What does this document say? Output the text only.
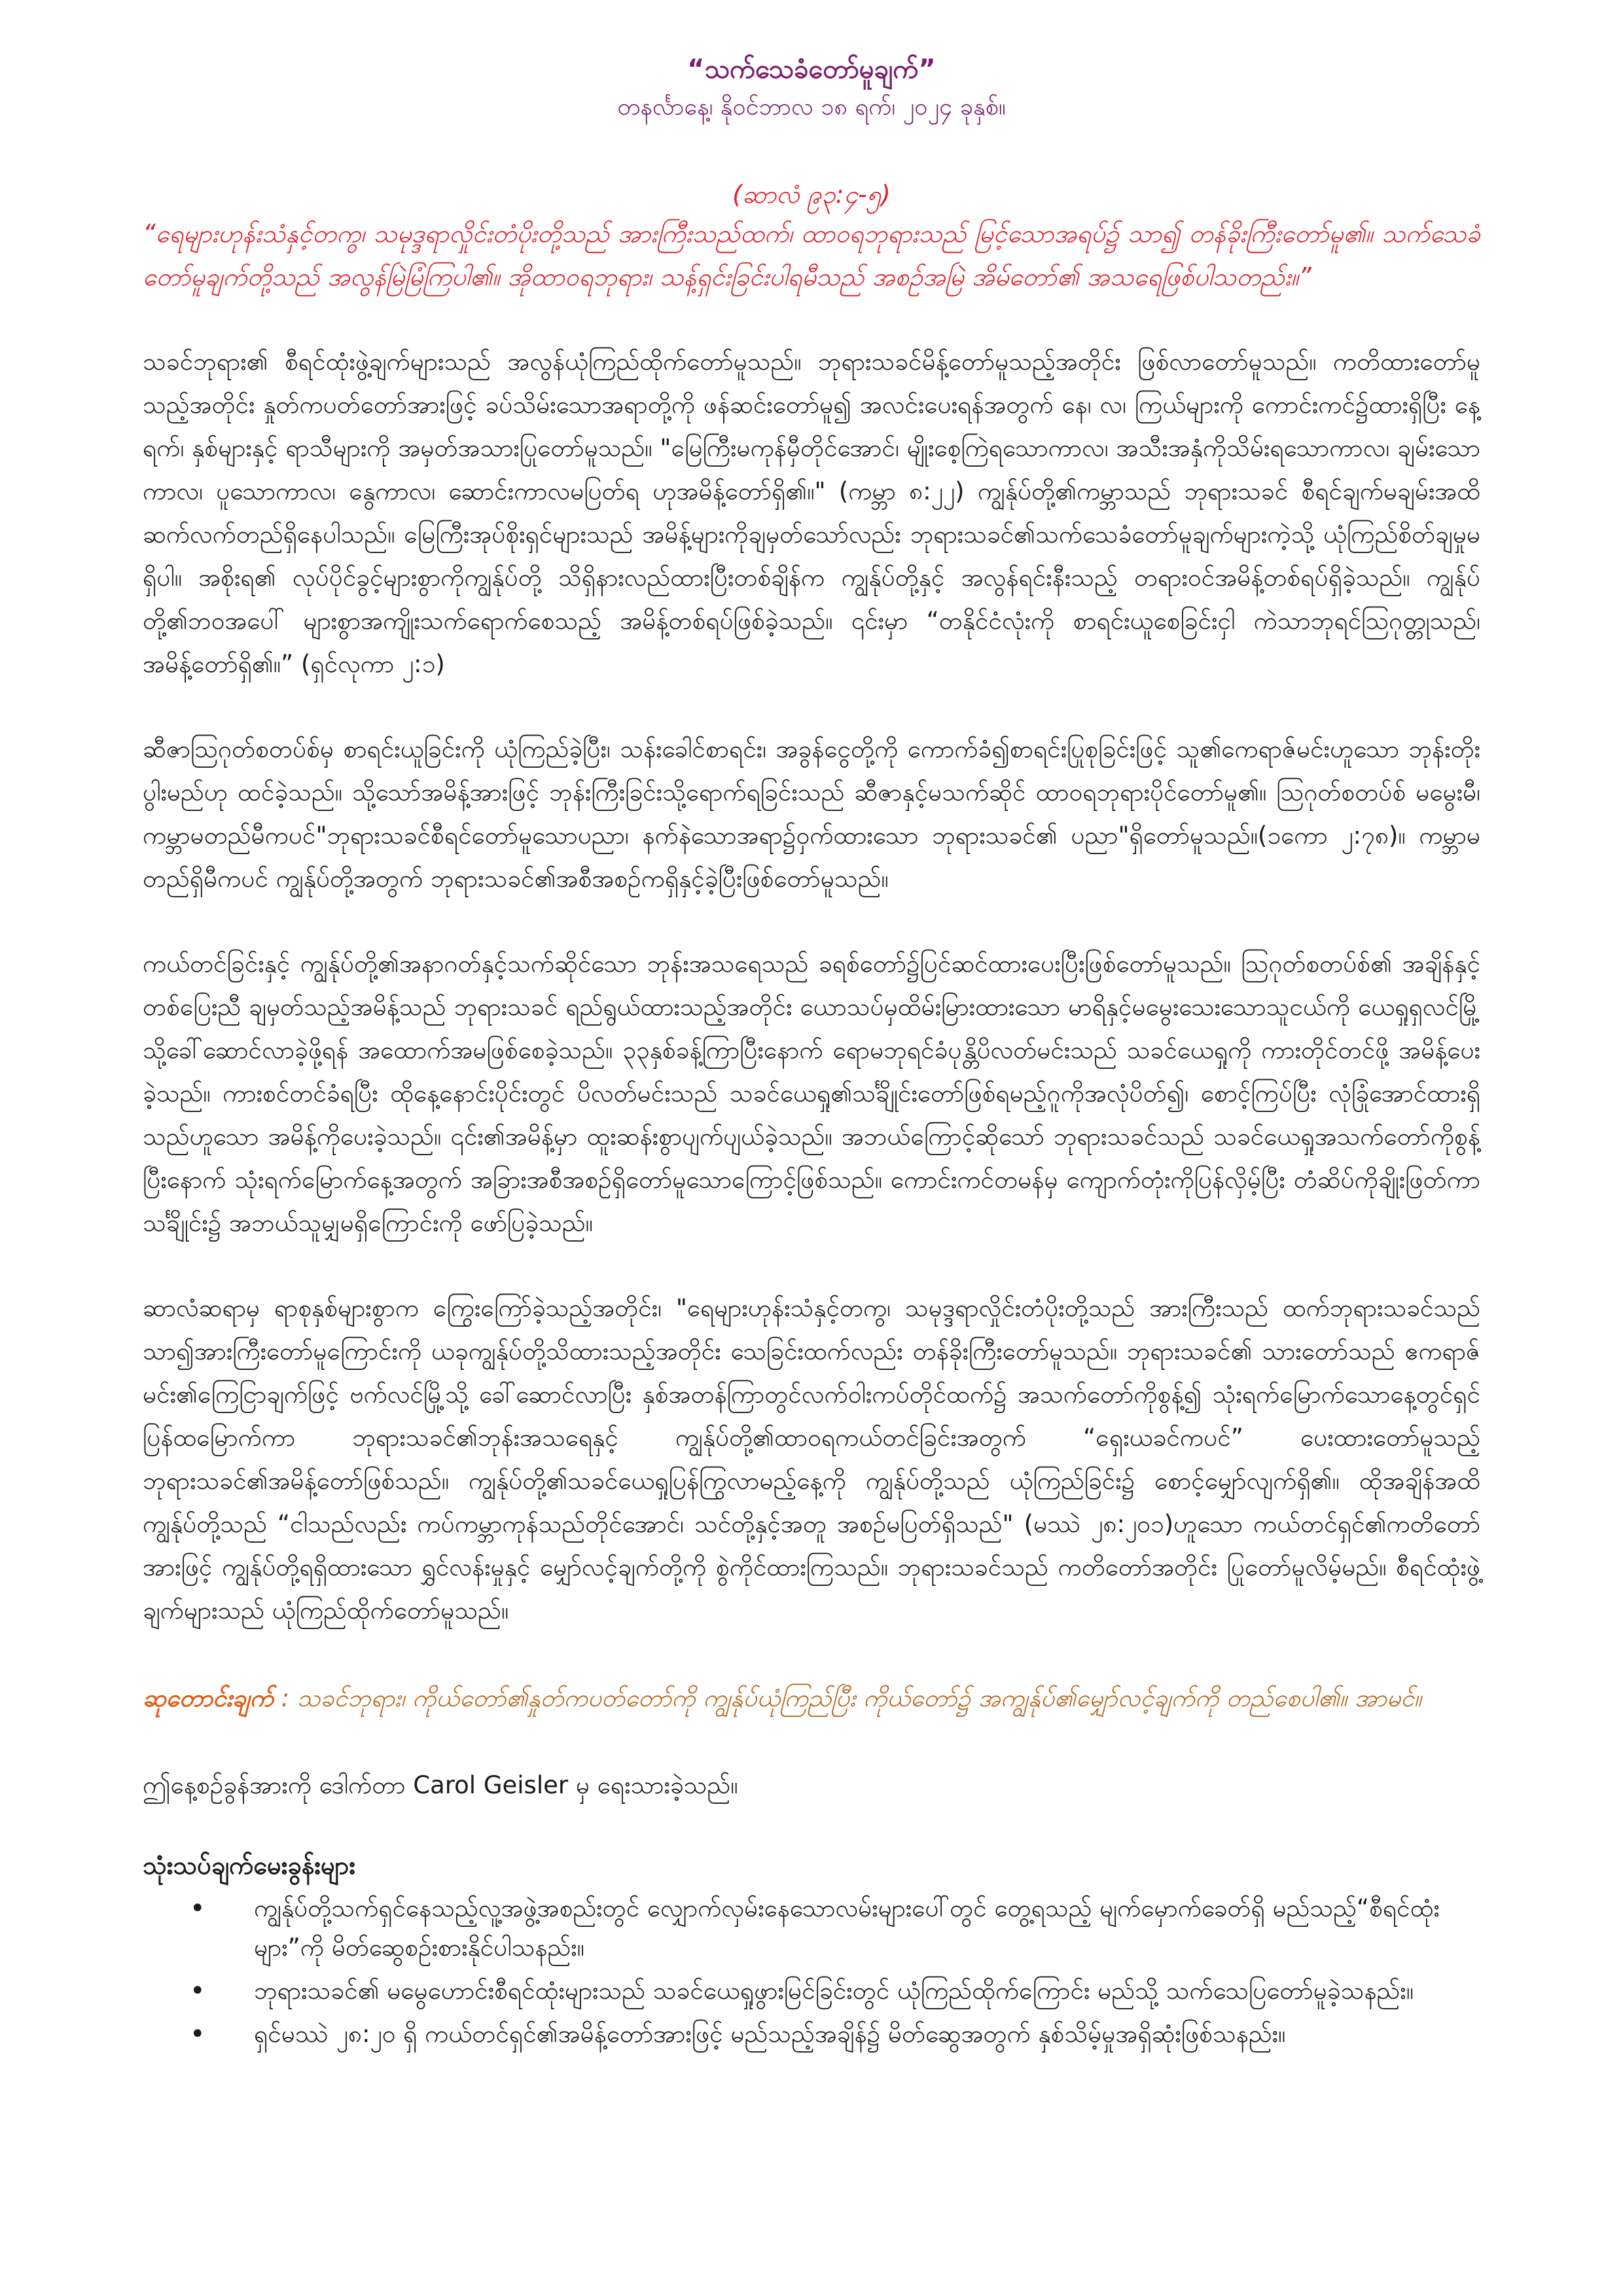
“သက်သေခံတော်မူချက်”

တနင်္လာနေ့၊ နိုဝင်ဘာလ ၁၈ ရက်၊ ၂၀၂၄ ခုနှစ်။

(ဆာလံ ၉၃:၄-၅)

“ရေများဟုန်းသံနှင့်တကွ၊ သမုဒ္ဒရာလှိုင်းတံပိုးတို့သည် အားကြီးသည်ထက်၊ ထာဝရဘုရားသည် မြင့်သောအရပ်၌ သာ၍ တန်ခိုးကြီးတော်မူ၏။ သက်သေခံတော်မူချက်တို့သည် အလွန်မြဲမြံကြပါ၏။ အိုထာဝရဘုရား၊ သန့်ရှင်းခြင်းပါရမီသည် အစဉ်အမြဲ အိမ်တော်၏ အသရေဖြစ်ပါသတည်း။”

သခင်ဘုရား၏ စီရင်ထုံးဖွဲ့ချက်များသည် အလွန်ယုံကြည်ထိုက်တော်မူသည်။ ဘုရားသခင်မိန့်တော်မူသည့်အတိုင်း ဖြစ်လာတော်မူသည်။ ကတိထားတော်မူသည့်အတိုင်း နှုတ်ကပတ်တော်အားဖြင့် ခပ်သိမ်းသောအရာတို့ကို ဖန်ဆင်းတော်မူ၍ အလင်းပေးရန်အတွက် နေ၊ လ၊ ကြယ်များကို ကောင်းကင်၌ထားရှိပြီး နေ့ရက်၊ နှစ်များနှင့် ရာသီများကို အမှတ်အသားပြုတော်မူသည်။ "မြေကြီးမကုန်မှီတိုင်အောင်၊ မျိုးစေ့ကြဲရသောကာလ၊ အသီးအနှံကိုသိမ်းရသောကာလ၊ ချမ်းသောကာလ၊ ပူသောကာလ၊ နွေကာလ၊ ဆောင်းကာလမပြတ်ရ ဟုအမိန့်တော်ရှိ၏။" (ကမ္ဘာ ၈:၂၂) ကျွန်ုပ်တို့၏ကမ္ဘာသည် ဘုရားသခင် စီရင်ချက်မချမ်းအထိဆက်လက်တည်ရှိနေပါသည်။ မြေကြီးအုပ်စိုးရှင်များသည် အမိန့်များကိုချမှတ်သော်လည်း ဘုရားသခင်၏သက်သေခံတော်မူချက်များကဲ့သို့ ယုံကြည်စိတ်ချမှုမရှိပါ။ အစိုးရ၏ လုပ်ပိုင်ခွင့်များစွာကိုကျွန်ုပ်တို့ သိရှိနားလည်ထားပြီးတစ်ချိန်က ကျွန်ုပ်တို့နှင့် အလွန်ရင်းနီးသည့် တရားဝင်အမိန့်တစ်ရပ်ရှိခဲ့သည်။ ကျွန်ုပ်တို့၏ဘဝအပေါ် များစွာအကျိုးသက်ရောက်စေသည့် အမိန့်တစ်ရပ်ဖြစ်ခဲ့သည်။ ၎င်းမှာ “တနိုင်ငံလုံးကို စာရင်းယူစေခြင်းငှါ ကဲသာဘုရင်ဩဂုတ္တုသည်၊ အမိန့်တော်ရှိ၏။” (ရှင်လုကာ ၂:၁)

ဆီဇာသြဂုတ်စတပ်စ်မှ စာရင်းယူခြင်းကို ယုံကြည်ခဲ့ပြီး၊ သန်းခေါင်စာရင်း၊ အခွန်ငွေတို့ကို ကောက်ခံ၍စာရင်းပြုစုခြင်းဖြင့် သူ၏ကေရာဇ်မင်းဟူသော ဘုန်းတိုးပွါးမည်ဟု ထင်ခဲ့သည်။ သို့သော်အမိန့်အားဖြင့် ဘုန်းကြီးခြင်းသို့ရောက်ရခြင်းသည် ဆီဇာနှင့်မသက်ဆိုင် ထာဝရဘုရားပိုင်တော်မူ၏။ သြဂုတ်စတပ်စ် မမွေးမီ၊ ကမ္ဘာမတည်မီကပင်"ဘုရားသခင်စီရင်တော်မူသောပညာ၊ နက်နဲသောအရာ၌ဝှက်ထားသော ဘုရားသခင်၏ ပညာ"ရှိတော်မူသည်။(၁ကော ၂:၇၈)။ ကမ္ဘာမတည်ရှိမီကပင် ကျွန်ုပ်တို့အတွက် ဘုရားသခင်၏အစီအစဉ်ကရှိနှင့်ခဲ့ပြီးဖြစ်တော်မူသည်။

ကယ်တင်ခြင်းနှင့် ကျွန်ုပ်တို့၏အနာဂတ်နှင့်သက်ဆိုင်သော ဘုန်းအသရေသည် ခရစ်တော်၌ပြင်ဆင်ထားပေးပြီးဖြစ်တော်မူသည်။ သြဂုတ်စတပ်စ်၏ အချိန်နှင့်တစ်ပြေးညီ ချမှတ်သည့်အမိန့်သည် ဘုရားသခင် ရည်ရွယ်ထားသည့်အတိုင်း ယောသပ်မှထိမ်းမြားထားသော မာရိနှင့်မမွေးသေးသောသူငယ်ကို ယေရှုရှလင်မြို့သို့ခေါ်ဆောင်လာခဲ့ဖို့ရန် အထောက်အမဖြစ်စေခဲ့သည်။ ၃၃နှစ်ခန့်ကြာပြီးနောက် ရောမဘုရင်ခံပုန္တိပိလတ်မင်းသည် သခင်ယေရှုကို ကားတိုင်တင်ဖို့ အမိန့်ပေးခဲ့သည်။ ကားစင်တင်ခံရပြီး ထိုနေ့နောင်းပိုင်းတွင် ပိလတ်မင်းသည် သခင်ယေရှု၏သင်္ချိုင်းတော်ဖြစ်ရမည့်ဂူကိုအလုံပိတ်၍၊ စောင့်ကြပ်ပြီး လုံခြုံအောင်ထားရှိသည်ဟူသော အမိန့်ကိုပေးခဲ့သည်။ ၎င်း၏အမိန့်မှာ ထူးဆန်းစွာပျက်ပျယ်ခဲ့သည်။ အဘယ်ကြောင့်ဆိုသော် ဘုရားသခင်သည် သခင်ယေရှုအသက်တော်ကိုစွန့်ပြီးနောက် သုံးရက်မြောက်နေ့အတွက် အခြားအစီအစဉ်ရှိတော်မူသောကြောင့်ဖြစ်သည်။ ကောင်းကင်တမန်မှ ကျောက်တုံးကိုပြန်လှိမ့်ပြီး တံဆိပ်ကိုချိုးဖြတ်ကာ သင်္ချိုင်း၌ အဘယ်သူမျှမရှိကြောင်းကို ဖော်ပြခဲ့သည်။

ဆာလံဆရာမှ ရာစုနှစ်များစွာက ကြွေးကြော်ခဲ့သည့်အတိုင်း၊ "ရေများဟုန်းသံနှင့်တကွ၊ သမုဒ္ဒရာလှိုင်းတံပိုးတို့သည် အားကြီးသည် ထက်ဘုရားသခင်သည် သာ၍အားကြီးတော်မူကြောင်းကို ယခုကျွန်ုပ်တို့သိထားသည့်အတိုင်း သေခြင်းထက်လည်း တန်ခိုးကြီးတော်မူသည်။ ဘုရားသခင်၏ သားတော်သည် ဧကရာဇ်မင်း၏ကြေငြာချက်ဖြင့် ဗက်လင်မြို့သို့ ခေါ်ဆောင်လာပြီး နှစ်အတန်ကြာတွင်လက်ဝါးကပ်တိုင်ထက်၌ အသက်တော်ကိုစွန့်၍ သုံးရက်မြောက်သောနေ့တွင်ရှင်ပြန်ထမြောက်ကာ ဘုရားသခင်၏ဘုန်းအသရေနှင့် ကျွန်ုပ်တို့၏ထာဝရကယ်တင်ခြင်းအတွက် “ရှေးယခင်ကပင်” ပေးထားတော်မူသည့် ဘုရားသခင်၏အမိန့်တော်ဖြစ်သည်။ ကျွန်ုပ်တို့၏သခင်ယေရှုပြန်ကြွလာမည့်နေ့ကို ကျွန်ုပ်တို့သည် ယုံကြည်ခြင်း၌ စောင့်မျှော်လျက်ရှိ၏။ ထိုအချိန်အထိ ကျွန်ုပ်တို့သည် “ငါသည်လည်း ကပ်ကမ္ဘာကုန်သည်တိုင်အောင်၊ သင်တို့နှင့်အတူ အစဉ်မပြတ်ရှိသည်" (မဿဲ ၂၈:၂၀၁)ဟူသော ကယ်တင်ရှင်၏ကတိတော်အားဖြင့် ကျွန်ုပ်တို့ရရှိထားသော ရွှင်လန်းမှုနှင့် မျှော်လင့်ချက်တို့ကို စွဲကိုင်ထားကြသည်။ ဘုရားသခင်သည် ကတိတော်အတိုင်း ပြုတော်မူလိမ့်မည်။ စီရင်ထုံးဖွဲ့ချက်များသည် ယုံကြည်ထိုက်တော်မူသည်။

ဆုတောင်းချက် : သခင်ဘုရား၊ ကိုယ်တော်၏နှုတ်ကပတ်တော်ကို ကျွန်ုပ်ယုံကြည်ပြီး ကိုယ်တော်၌ အကျွန်ုပ်၏မျှော်လင့်ချက်ကို တည်စေပါ၏။ အာမင်။

ဤနေ့စဉ်ခွန်အားကို ဒေါက်တာ Carol Geisler မှ ရေးသားခဲ့သည်။

သုံးသပ်ချက်မေးခွန်းများ

• ကျွန်ုပ်တို့သက်ရှင်နေသည့်လူ့အဖွဲ့အစည်းတွင် လျှောက်လှမ်းနေသောလမ်းများပေါ်တွင် တွေ့ရသည့် မျက်မှောက်ခေတ်ရှိ မည်သည့်“စီရင်ထုံးများ”ကို မိတ်ဆွေစဉ်းစားနိုင်ပါသနည်း။
• ဘုရားသခင်၏ မမွေဟောင်းစီရင်ထုံးများသည် သခင်ယေရှုဖွားမြင်ခြင်းတွင် ယုံကြည်ထိုက်ကြောင်း မည်သို့ သက်သေပြတော်မူခဲ့သနည်း။
• ရှင်မဿဲ ၂၈:၂၀ ရှိ ကယ်တင်ရှင်၏အမိန့်တော်အားဖြင့် မည်သည့်အချိန်၌ မိတ်ဆွေအတွက် နှစ်သိမ့်မှုအရှိဆုံးဖြစ်သနည်း။
